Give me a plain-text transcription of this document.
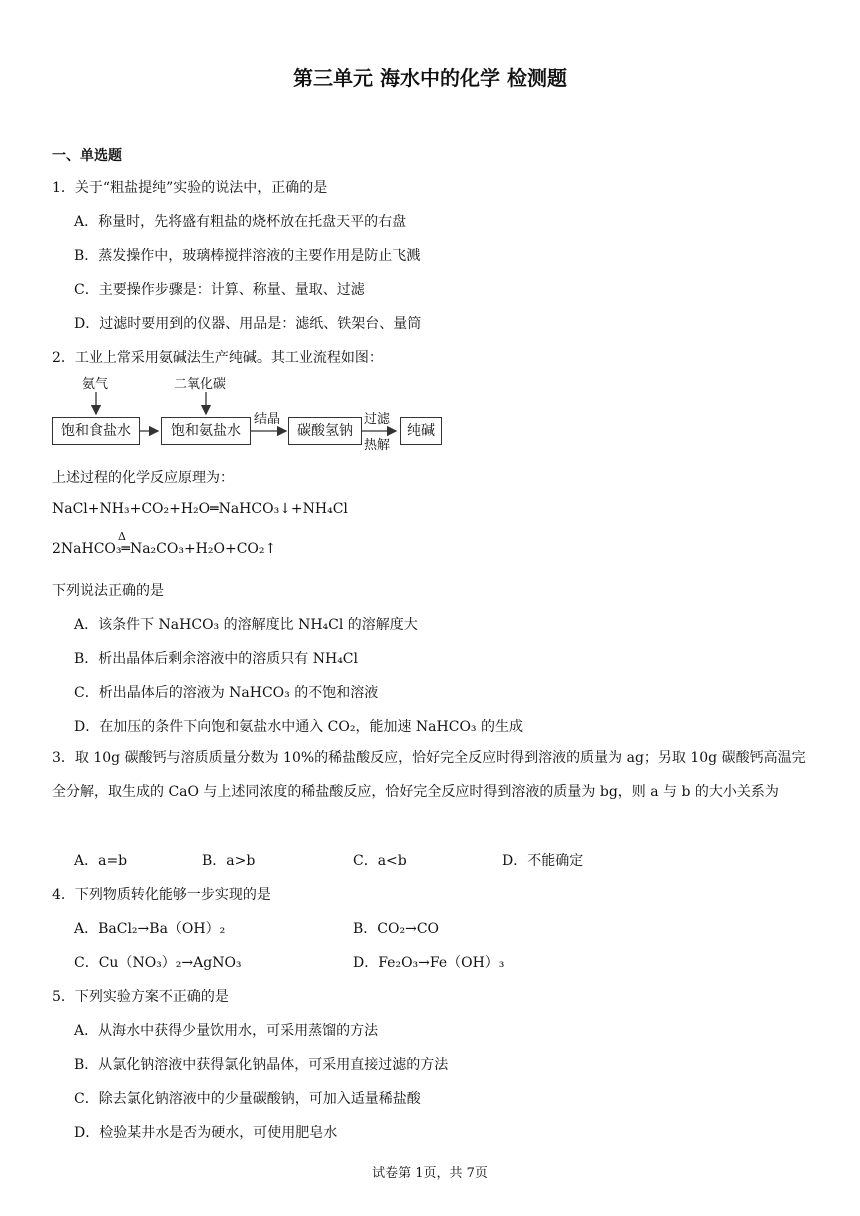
第三单元 海水中的化学 检测题
一、单选题
1．关于“粗盐提纯”实验的说法中，正确的是
A．称量时，先将盛有粗盐的烧杯放在托盘天平的右盘
B．蒸发操作中，玻璃棒搅拌溶液的主要作用是防止飞溅
C．主要操作步骤是：计算、称量、量取、过滤
D．过滤时要用到的仪器、用品是：滤纸、铁架台、量筒
2．工业上常采用氨碱法生产纯碱。其工业流程如图：
氨气	二氧化碳
饱和食盐水	饱和氨盐水	碳酸氢钠	纯碱
结晶	过滤
热解
上述过程的化学反应原理为：
NaCl+NH₃+CO₂+H₂O═NaHCO₃↓+NH₄Cl
Δ
2NaHCO₃═Na₂CO₃+H₂O+CO₂↑
下列说法正确的是
A．该条件下 NaHCO₃ 的溶解度比 NH₄Cl 的溶解度大
B．析出晶体后剩余溶液中的溶质只有 NH₄Cl
C．析出晶体后的溶液为 NaHCO₃ 的不饱和溶液
D．在加压的条件下向饱和氨盐水中通入 CO₂，能加速 NaHCO₃ 的生成
3．取 10g 碳酸钙与溶质质量分数为 10%的稀盐酸反应，恰好完全反应时得到溶液的质量为 ag；另取 10g 碳酸钙高温完全分解，取生成的 CaO 与上述同浓度的稀盐酸反应，恰好完全反应时得到溶液的质量为 bg，则 a 与 b 的大小关系为
A．a=b	B．a>b	C．a<b	D．不能确定
4．下列物质转化能够一步实现的是
A．BaCl₂→Ba（OH）₂	B．CO₂→CO
C．Cu（NO₃）₂→AgNO₃	D．Fe₂O₃→Fe（OH）₃
5．下列实验方案不正确的是
A．从海水中获得少量饮用水，可采用蒸馏的方法
B．从氯化钠溶液中获得氯化钠晶体，可采用直接过滤的方法
C．除去氯化钠溶液中的少量碳酸钠，可加入适量稀盐酸
D．检验某井水是否为硬水，可使用肥皂水
试卷第 1页，共 7页
